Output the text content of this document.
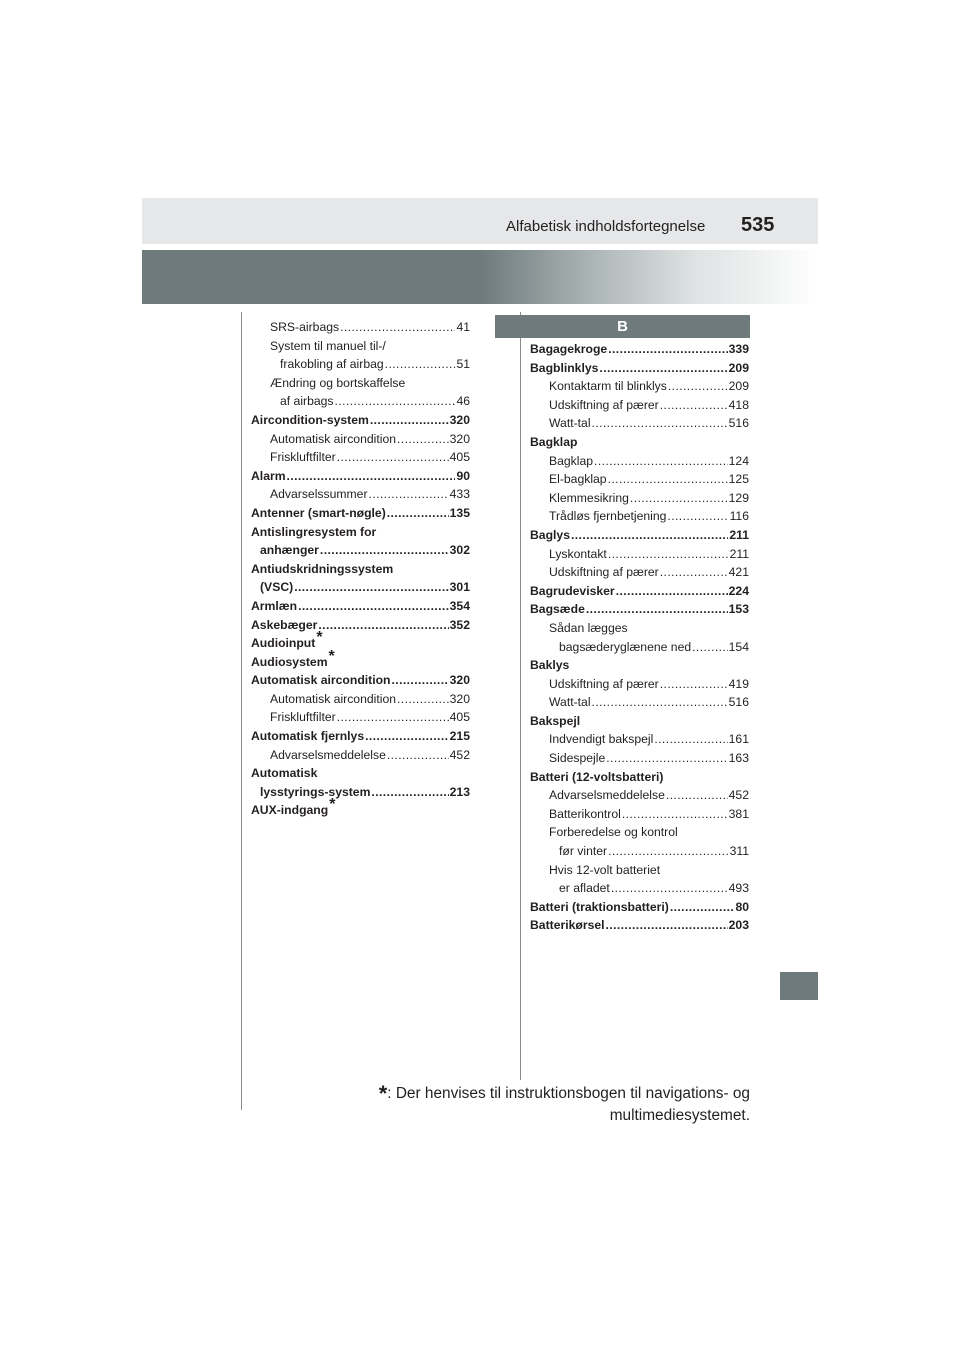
Alfabetisk indholdsfortegnelse 535
B
SRS-airbags .....	41
System til manuel til-/
frakobling af airbag .....	51
Ændring og bortskaffelse
af airbags .....	46
Aircondition-system .....	320
Automatisk aircondition .....	320
Friskluftfilter .....	405
Alarm .....	90
Advarselssummer .....	433
Antenner (smart-nøgle) .....	135
Antislingresystem for
anhænger .....	302
Antiudskridningssystem
(VSC) .....	301
Armlæn .....	354
Askebæger .....	352
Audioinput*
Audiosystem*
Automatisk aircondition .....	320
Automatisk aircondition .....	320
Friskluftfilter .....	405
Automatisk fjernlys .....	215
Advarselsmeddelelse .....	452
Automatisk
lysstyrings-system .....	213
AUX-indgang*
Bagagekroge .....	339
Bagblinklys .....	209
Kontaktarm til blinklys .....	209
Udskiftning af pærer .....	418
Watt-tal .....	516
Bagklap
Bagklap .....	124
El-bagklap .....	125
Klemmesikring .....	129
Trådløs fjernbetjening .....	116
Baglys .....	211
Lyskontakt .....	211
Udskiftning af pærer .....	421
Bagrudevisker .....	224
Bagsæde .....	153
Sådan lægges
bagsæderyglænene ned .....	154
Baklys
Udskiftning af pærer .....	419
Watt-tal .....	516
Bakspejl
Indvendigt bakspejl .....	161
Sidespejle .....	163
Batteri (12-voltsbatteri)
Advarselsmeddelelse .....	452
Batterikontrol .....	381
Forberedelse og kontrol
før vinter .....	311
Hvis 12-volt batteriet
er afladet .....	493
Batteri (traktionsbatteri) .....	80
Batterikørsel .....	203
*: Der henvises til instruktionsbogen til navigations- og
multimediesystemet.
